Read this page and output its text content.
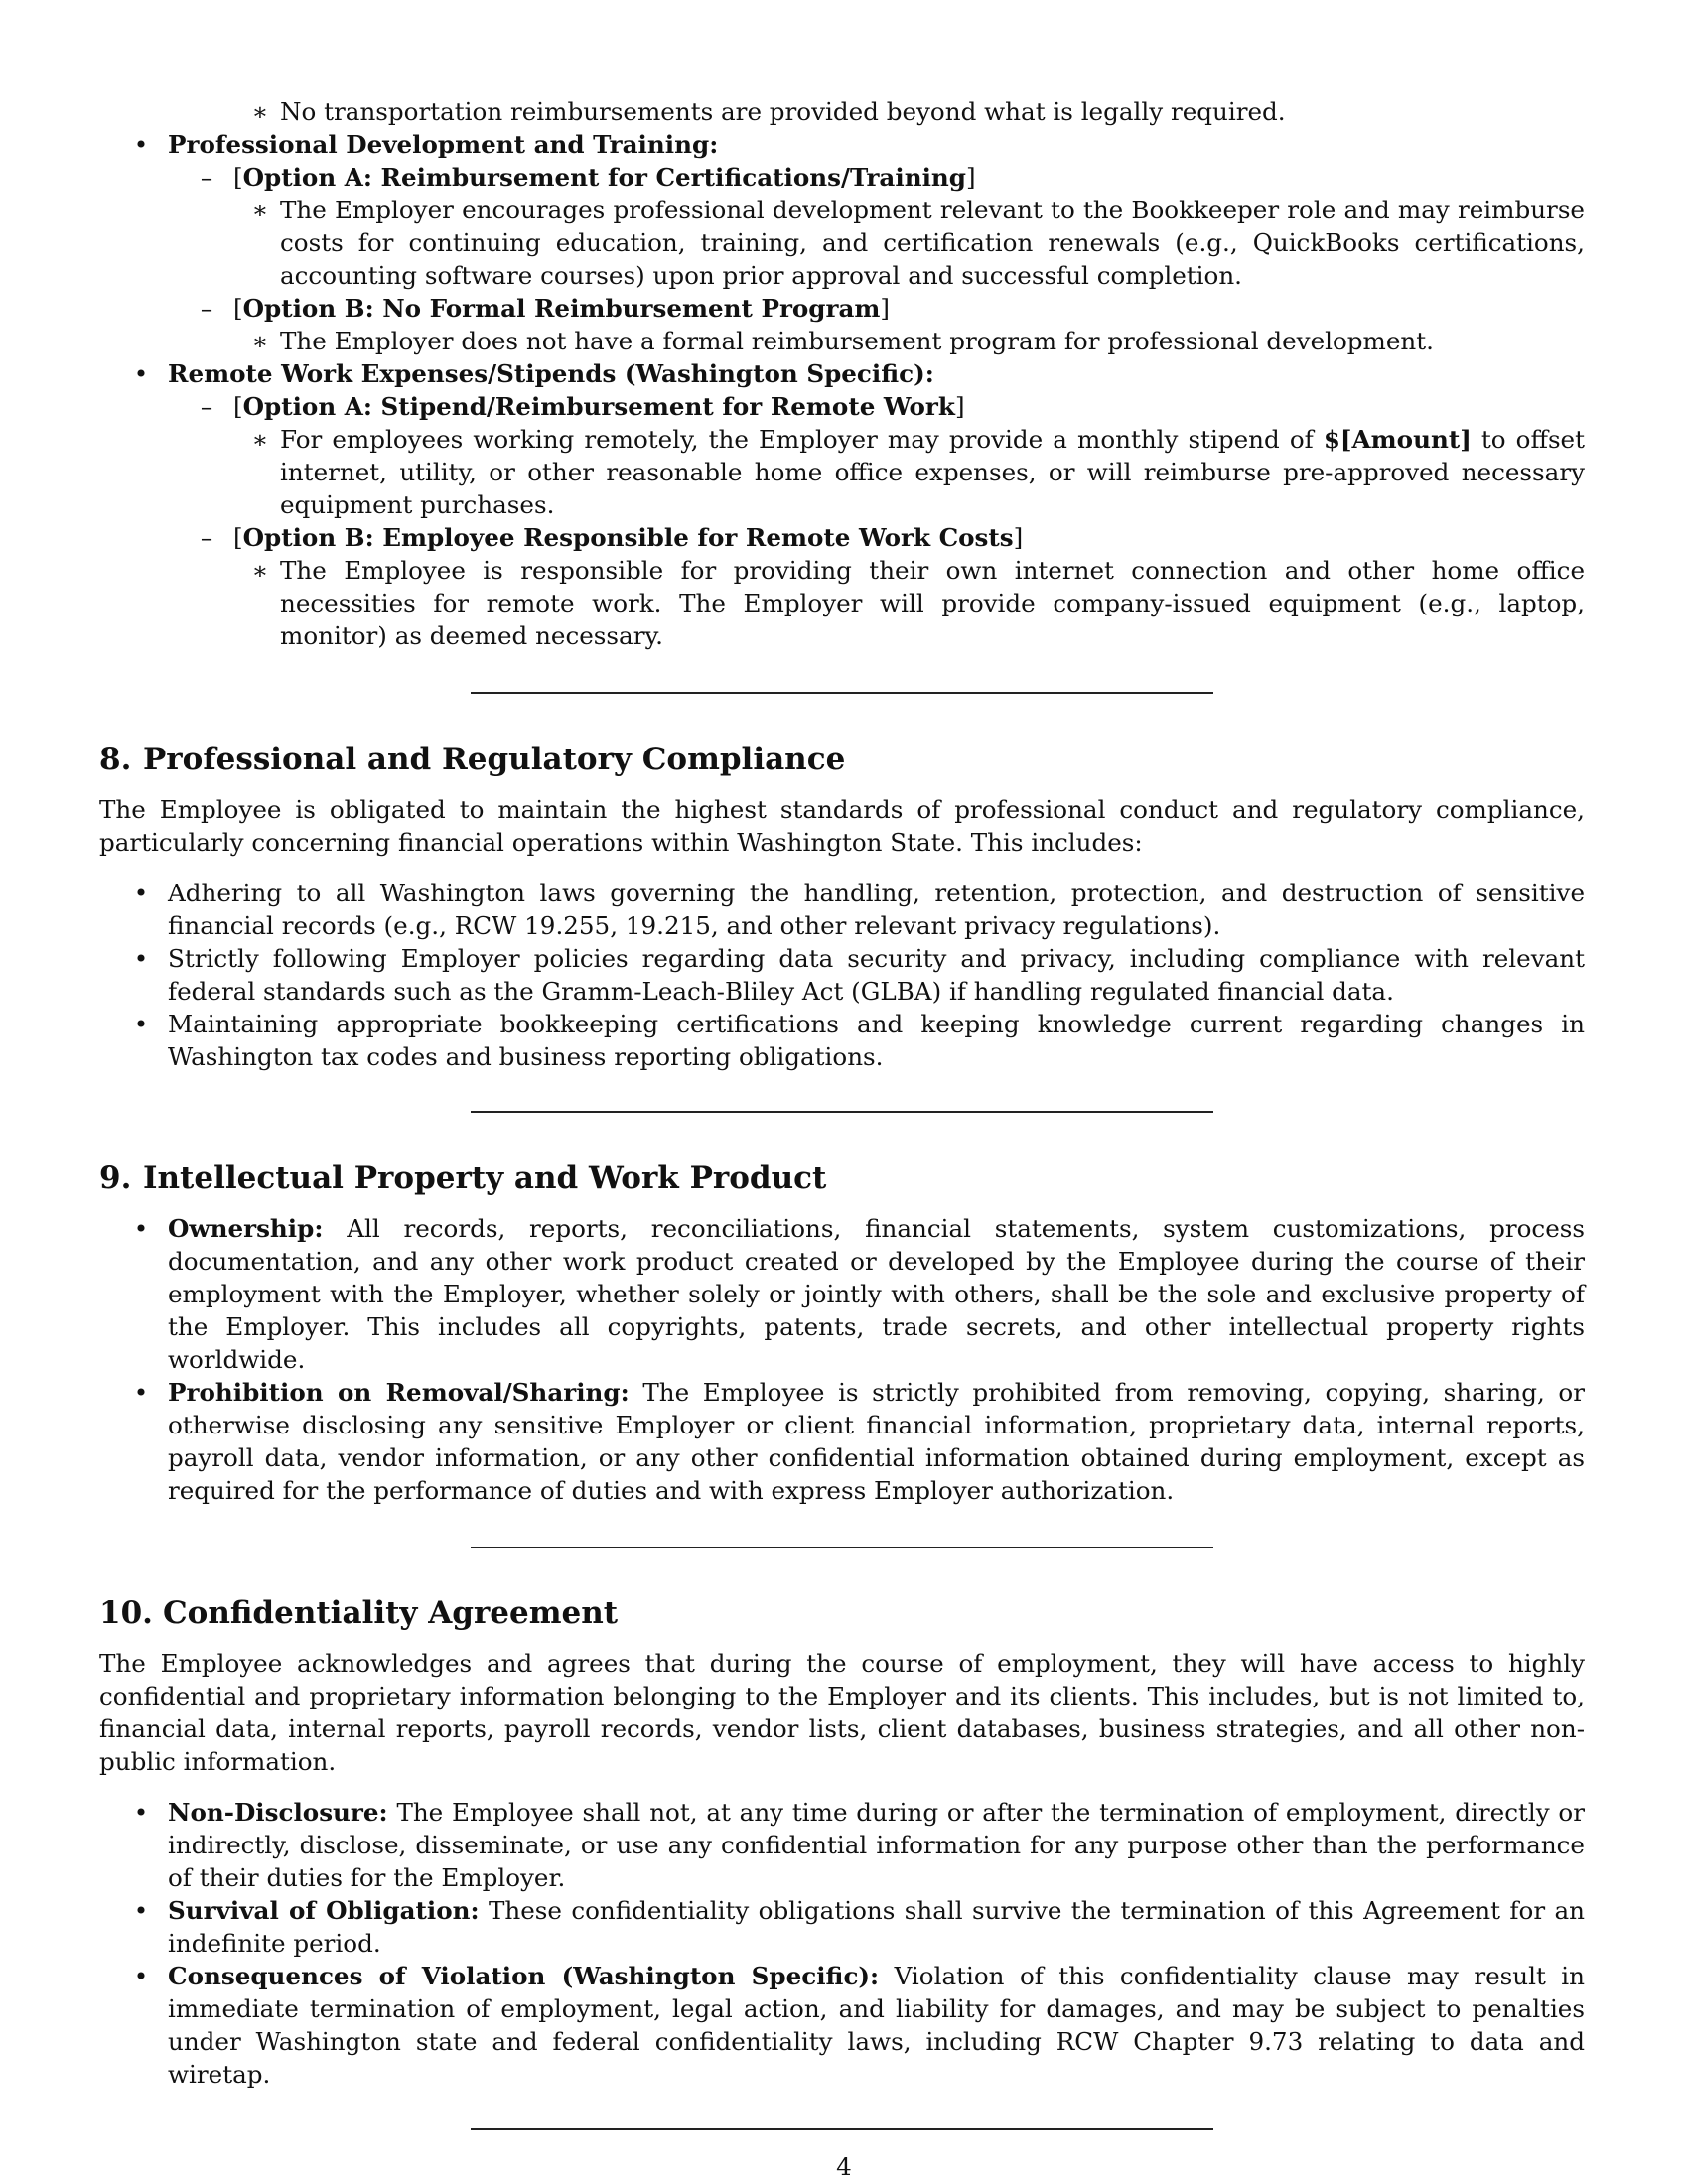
∗ No transportation reimbursements are provided beyond what is legally required.
• Professional Development and Training:
– [Option A: Reimbursement for Certifications/Training]
∗ The Employer encourages professional development relevant to the Bookkeeper role and may reimburse costs for continuing education, training, and certification renewals (e.g., QuickBooks certifications, accounting software courses) upon prior approval and successful completion.
– [Option B: No Formal Reimbursement Program]
∗ The Employer does not have a formal reimbursement program for professional development.
• Remote Work Expenses/Stipends (Washington Specific):
– [Option A: Stipend/Reimbursement for Remote Work]
∗ For employees working remotely, the Employer may provide a monthly stipend of $[Amount] to offset internet, utility, or other reasonable home office expenses, or will reimburse pre-approved necessary equipment purchases.
– [Option B: Employee Responsible for Remote Work Costs]
∗ The Employee is responsible for providing their own internet connection and other home office necessities for remote work. The Employer will provide company-issued equipment (e.g., laptop, monitor) as deemed necessary.
8. Professional and Regulatory Compliance

The Employee is obligated to maintain the highest standards of professional conduct and regulatory compliance, particularly concerning financial operations within Washington State. This includes:

• Adhering to all Washington laws governing the handling, retention, protection, and destruction of sensitive financial records (e.g., RCW 19.255, 19.215, and other relevant privacy regulations).
• Strictly following Employer policies regarding data security and privacy, including compliance with relevant federal standards such as the Gramm-Leach-Bliley Act (GLBA) if handling regulated financial data.
• Maintaining appropriate bookkeeping certifications and keeping knowledge current regarding changes in Washington tax codes and business reporting obligations.
9. Intellectual Property and Work Product
• Ownership: All records, reports, reconciliations, financial statements, system customizations, process documentation, and any other work product created or developed by the Employee during the course of their employment with the Employer, whether solely or jointly with others, shall be the sole and exclusive property of the Employer. This includes all copyrights, patents, trade secrets, and other intellectual property rights worldwide.
• Prohibition on Removal/Sharing: The Employee is strictly prohibited from removing, copying, sharing, or otherwise disclosing any sensitive Employer or client financial information, proprietary data, internal reports, payroll data, vendor information, or any other confidential information obtained during employment, except as required for the performance of duties and with express Employer authorization.
10. Confidentiality Agreement

The Employee acknowledges and agrees that during the course of employment, they will have access to highly confidential and proprietary information belonging to the Employer and its clients. This includes, but is not limited to, financial data, internal reports, payroll records, vendor lists, client databases, business strategies, and all other non-public information.

• Non-Disclosure: The Employee shall not, at any time during or after the termination of employment, directly or indirectly, disclose, disseminate, or use any confidential information for any purpose other than the performance of their duties for the Employer.
• Survival of Obligation: These confidentiality obligations shall survive the termination of this Agreement for an indefinite period.
• Consequences of Violation (Washington Specific): Violation of this confidentiality clause may result in immediate termination of employment, legal action, and liability for damages, and may be subject to penalties under Washington state and federal confidentiality laws, including RCW Chapter 9.73 relating to data and wiretap.
4
